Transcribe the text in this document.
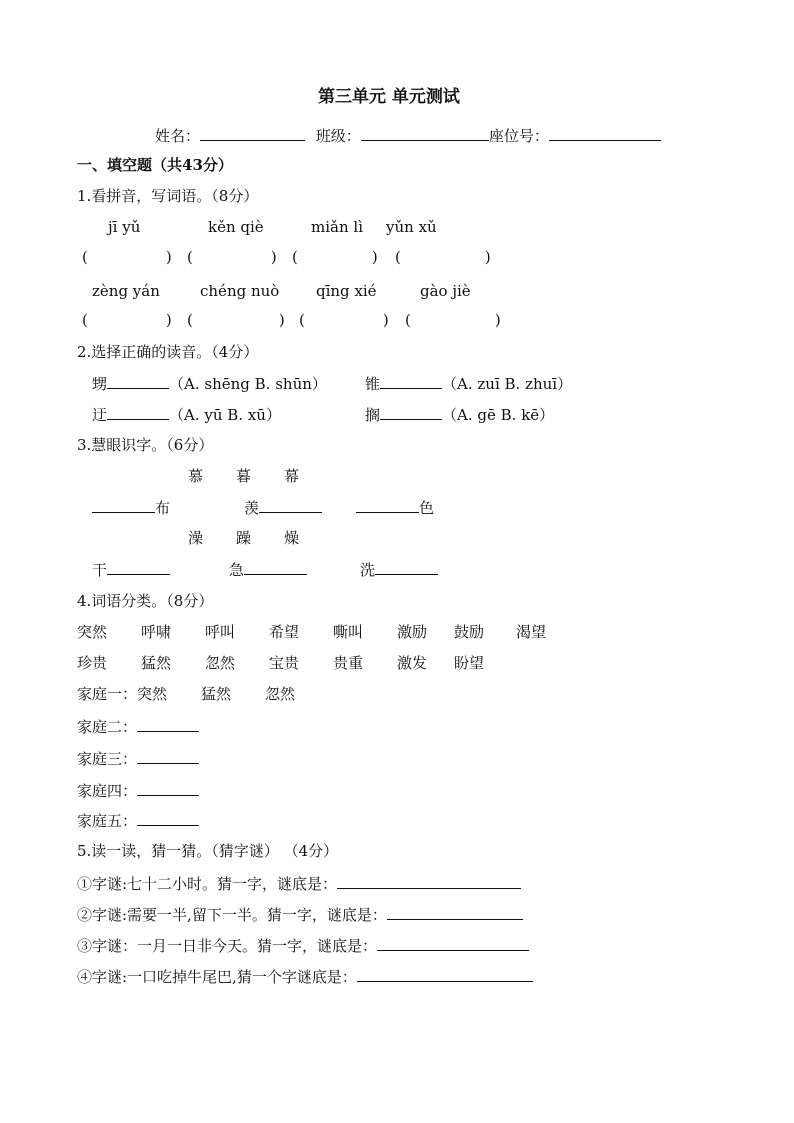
第三单元 单元测试
姓名：	班级：	座位号：
一、填空题（共43分）
1.看拼音，写词语。（8分）
jī yǔ	kěn qiè	miǎn lì yǔn xǔ
(	) (	) (	) (	)
zèng yán	chéng nuò qīng xié	gào jiè
(	) (	) (	) (	)
2.选择正确的读音。（4分）
甥	（A. shēng B. shūn）	锥	（A. zuī B. zhuī）
迂	（A. yū B. xū）	搁	（A. gē B. kē）
3.慧眼识字。（6分）
慕 暮 幕
布	羡	色
澡 躁 燥
干	急	洗
4.词语分类。（8分）
突然 呼啸 呼叫 希望 嘶叫 激励 鼓励 渴望
珍贵 猛然 忽然 宝贵 贵重 激发 盼望
家庭一：突然 猛然 忽然
家庭二：
家庭三：
家庭四：
家庭五：
5.读一读，猜一猜。（猜字谜） （4分）
①字谜:七十二小时。猜一字，谜底是：
②字谜:需要一半,留下一半。猜一字，谜底是：
③字谜：一月一日非今天。猜一字，谜底是：
④字谜:一口吃掉牛尾巴,猜一个字谜底是：
